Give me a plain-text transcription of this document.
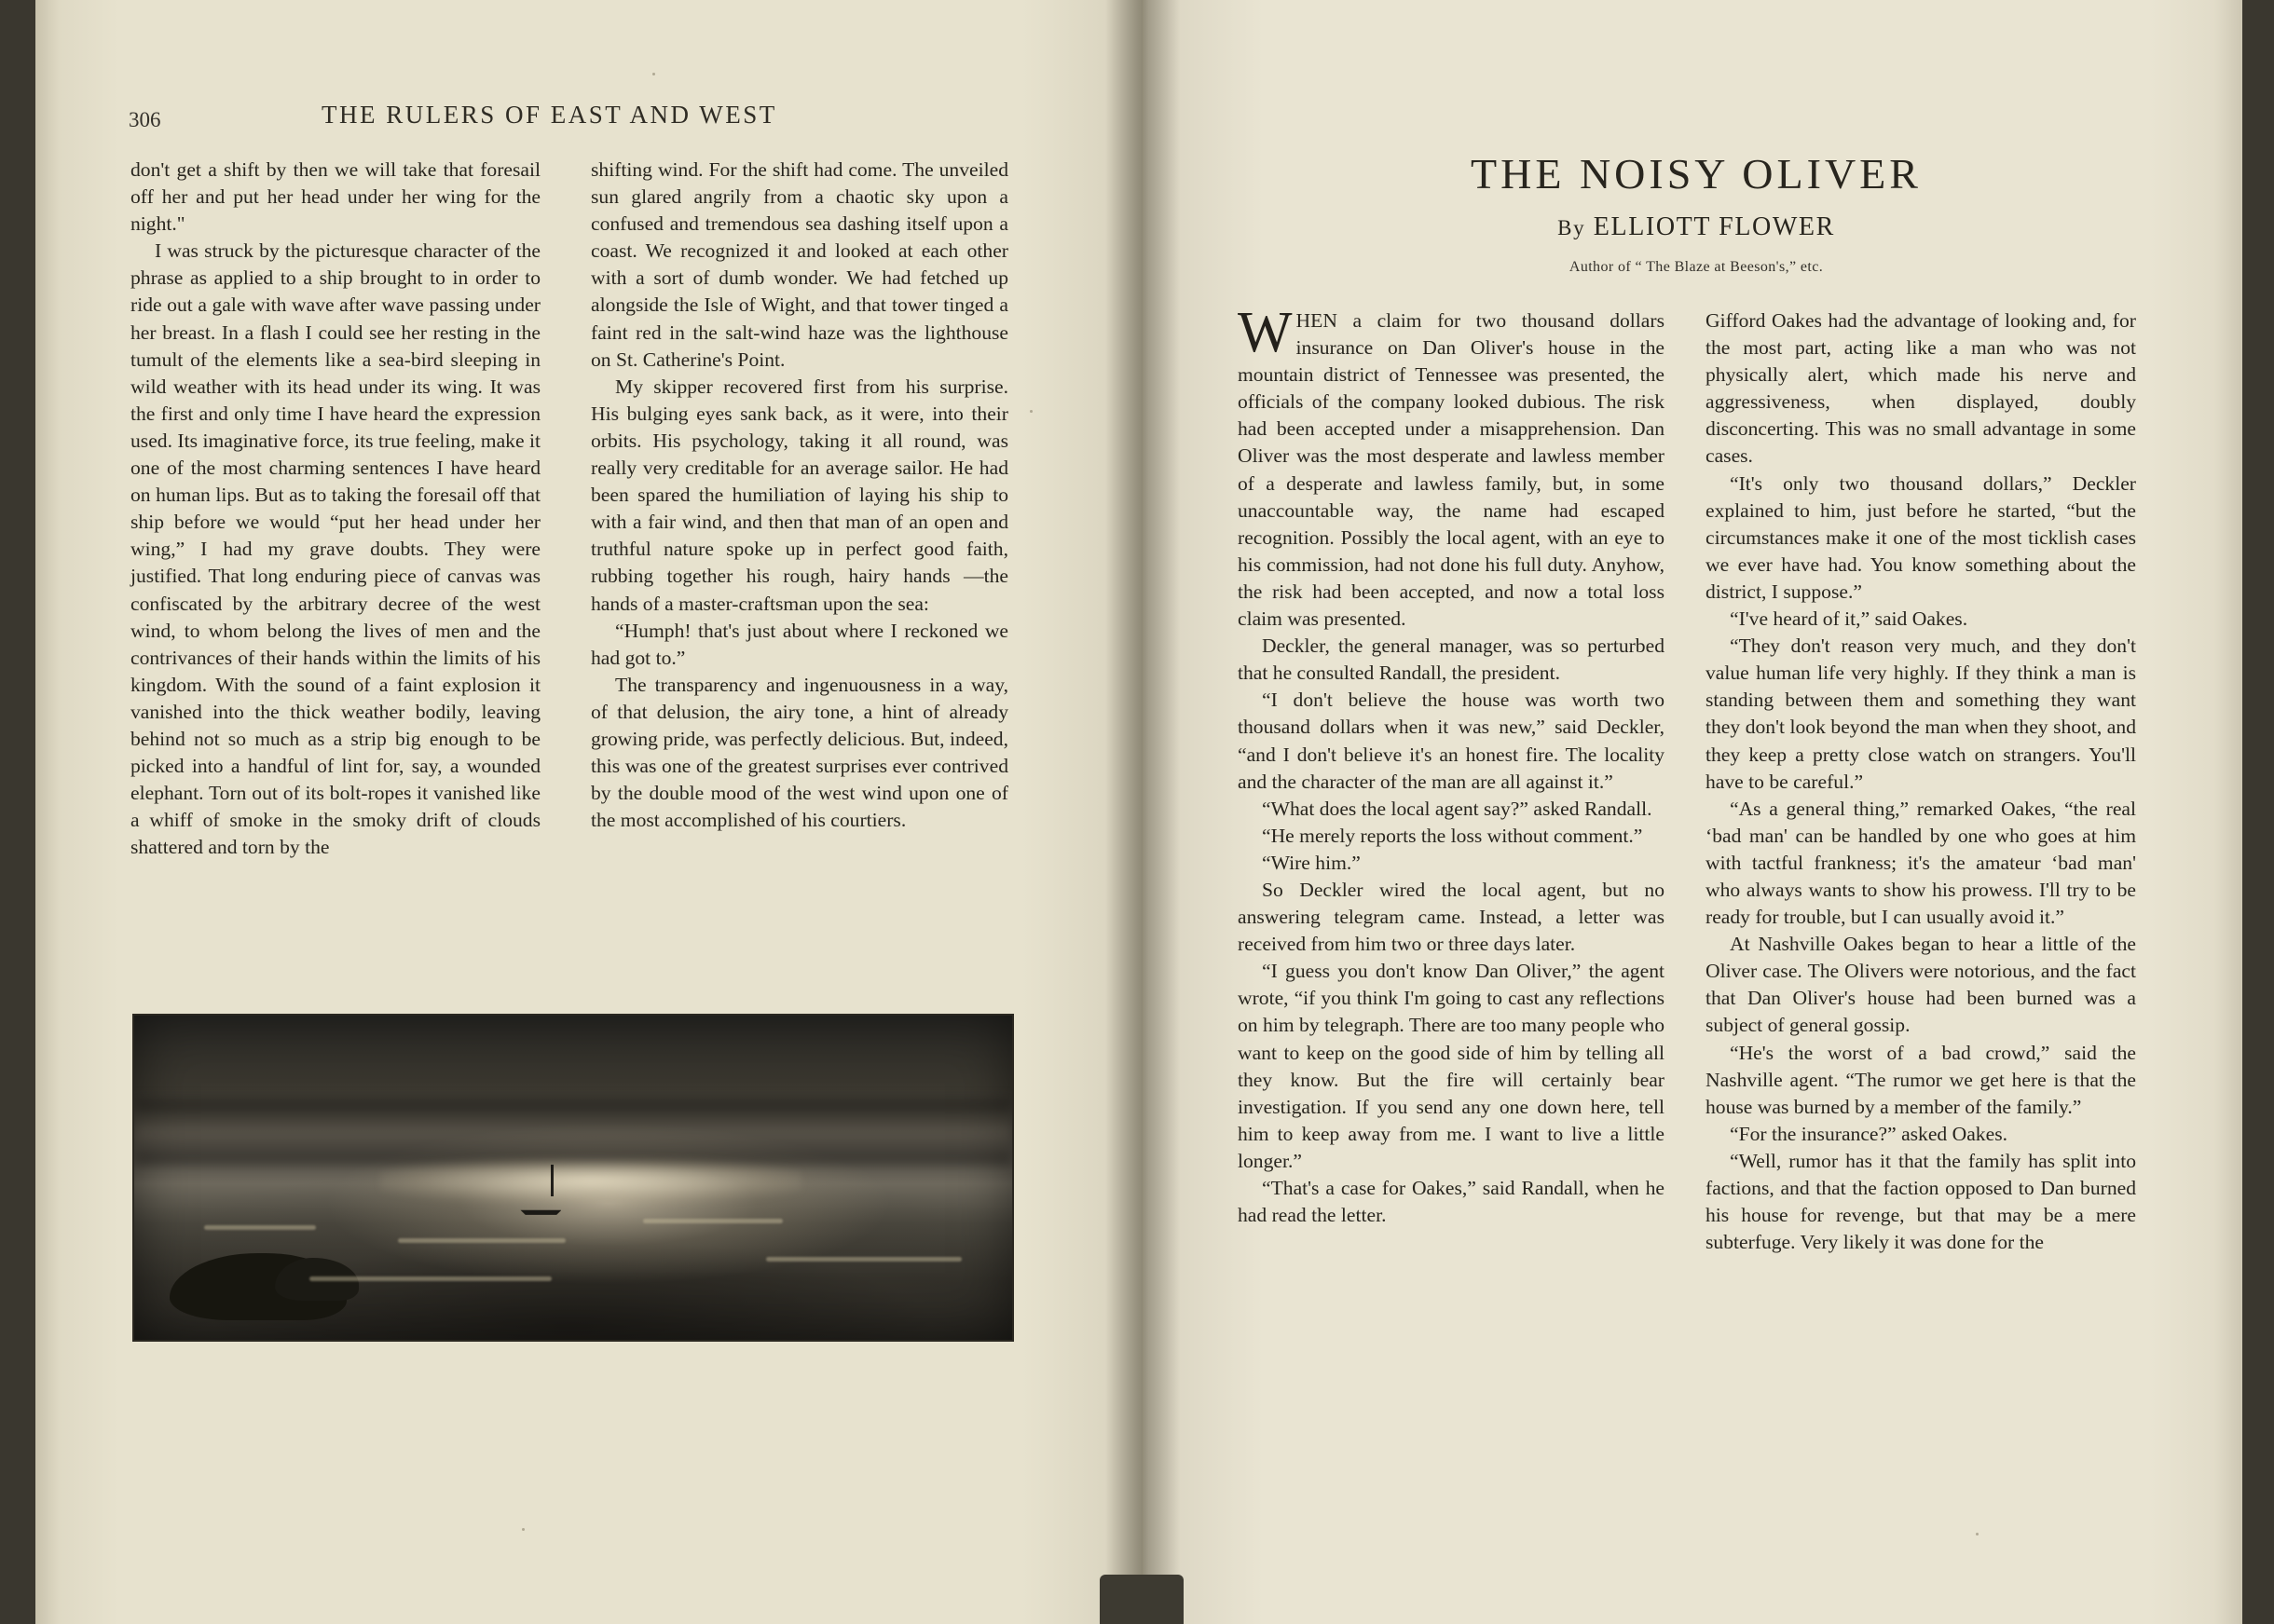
306	THE RULERS OF EAST AND WEST

don't get a shift by then we will take that foresail off her and put her head under her wing for the night."

I was struck by the picturesque character of the phrase as applied to a ship brought to in order to ride out a gale with wave after wave passing under her breast. In a flash I could see her resting in the tumult of the elements like a sea-bird sleeping in wild weather with its head under its wing. It was the first and only time I have heard the expression used. Its imaginative force, its true feeling, make it one of the most charming sentences I have heard on human lips. But as to taking the foresail off that ship before we would “put her head under her wing,” I had my grave doubts. They were justified. That long enduring piece of canvas was confiscated by the arbitrary decree of the west wind, to whom belong the lives of men and the contrivances of their hands within the limits of his kingdom. With the sound of a faint explosion it vanished into the thick weather bodily, leaving behind not so much as a strip big enough to be picked into a handful of lint for, say, a wounded elephant. Torn out of its bolt-ropes it vanished like a whiff of smoke in the smoky drift of clouds shattered and torn by the

shifting wind. For the shift had come. The unveiled sun glared angrily from a chaotic sky upon a confused and tremendous sea dashing itself upon a coast. We recognized it and looked at each other with a sort of dumb wonder. We had fetched up alongside the Isle of Wight, and that tower tinged a faint red in the salt-wind haze was the lighthouse on St. Catherine's Point.

My skipper recovered first from his surprise. His bulging eyes sank back, as it were, into their orbits. His psychology, taking it all round, was really very creditable for an average sailor. He had been spared the humiliation of laying his ship to with a fair wind, and then that man of an open and truthful nature spoke up in perfect good faith, rubbing together his rough, hairy hands —the hands of a master-craftsman upon the sea:

“Humph! that's just about where I reckoned we had got to.”

The transparency and ingenuousness in a way, of that delusion, the airy tone, a hint of already growing pride, was perfectly delicious. But, indeed, this was one of the greatest surprises ever contrived by the double mood of the west wind upon one of the most accomplished of his courtiers.

THE NOISY OLIVER
By ELLIOTT FLOWER
Author of “ The Blaze at Beeson's,” etc.

WHEN a claim for two thousand dollars insurance on Dan Oliver's house in the mountain district of Tennessee was presented, the officials of the company looked dubious. The risk had been accepted under a misapprehension. Dan Oliver was the most desperate and lawless member of a desperate and lawless family, but, in some unaccountable way, the name had escaped recognition. Possibly the local agent, with an eye to his commission, had not done his full duty. Anyhow, the risk had been accepted, and now a total loss claim was presented.

Deckler, the general manager, was so perturbed that he consulted Randall, the president.

“I don't believe the house was worth two thousand dollars when it was new,” said Deckler, “and I don't believe it's an honest fire. The locality and the character of the man are all against it.”

“What does the local agent say?” asked Randall.

“He merely reports the loss without comment.”

“Wire him.”

So Deckler wired the local agent, but no answering telegram came. Instead, a letter was received from him two or three days later.

“I guess you don't know Dan Oliver,” the agent wrote, “if you think I'm going to cast any reflections on him by telegraph. There are too many people who want to keep on the good side of him by telling all they know. But the fire will certainly bear investigation. If you send any one down here, tell him to keep away from me. I want to live a little longer.”

“That's a case for Oakes,” said Randall, when he had read the letter.

Gifford Oakes had the advantage of looking and, for the most part, acting like a man who was not physically alert, which made his nerve and aggressiveness, when displayed, doubly disconcerting. This was no small advantage in some cases.

“It's only two thousand dollars,” Deckler explained to him, just before he started, “but the circumstances make it one of the most ticklish cases we ever have had. You know something about the district, I suppose.”

“I've heard of it,” said Oakes.

“They don't reason very much, and they don't value human life very highly. If they think a man is standing between them and something they want they don't look beyond the man when they shoot, and they keep a pretty close watch on strangers. You'll have to be careful.”

“As a general thing,” remarked Oakes, “the real ‘bad man' can be handled by one who goes at him with tactful frankness; it's the amateur ‘bad man' who always wants to show his prowess. I'll try to be ready for trouble, but I can usually avoid it.”

At Nashville Oakes began to hear a little of the Oliver case. The Olivers were notorious, and the fact that Dan Oliver's house had been burned was a subject of general gossip.

“He's the worst of a bad crowd,” said the Nashville agent. “The rumor we get here is that the house was burned by a member of the family.”

“For the insurance?” asked Oakes.

“Well, rumor has it that the family has split into factions, and that the faction opposed to Dan burned his house for revenge, but that may be a mere subterfuge. Very likely it was done for the
